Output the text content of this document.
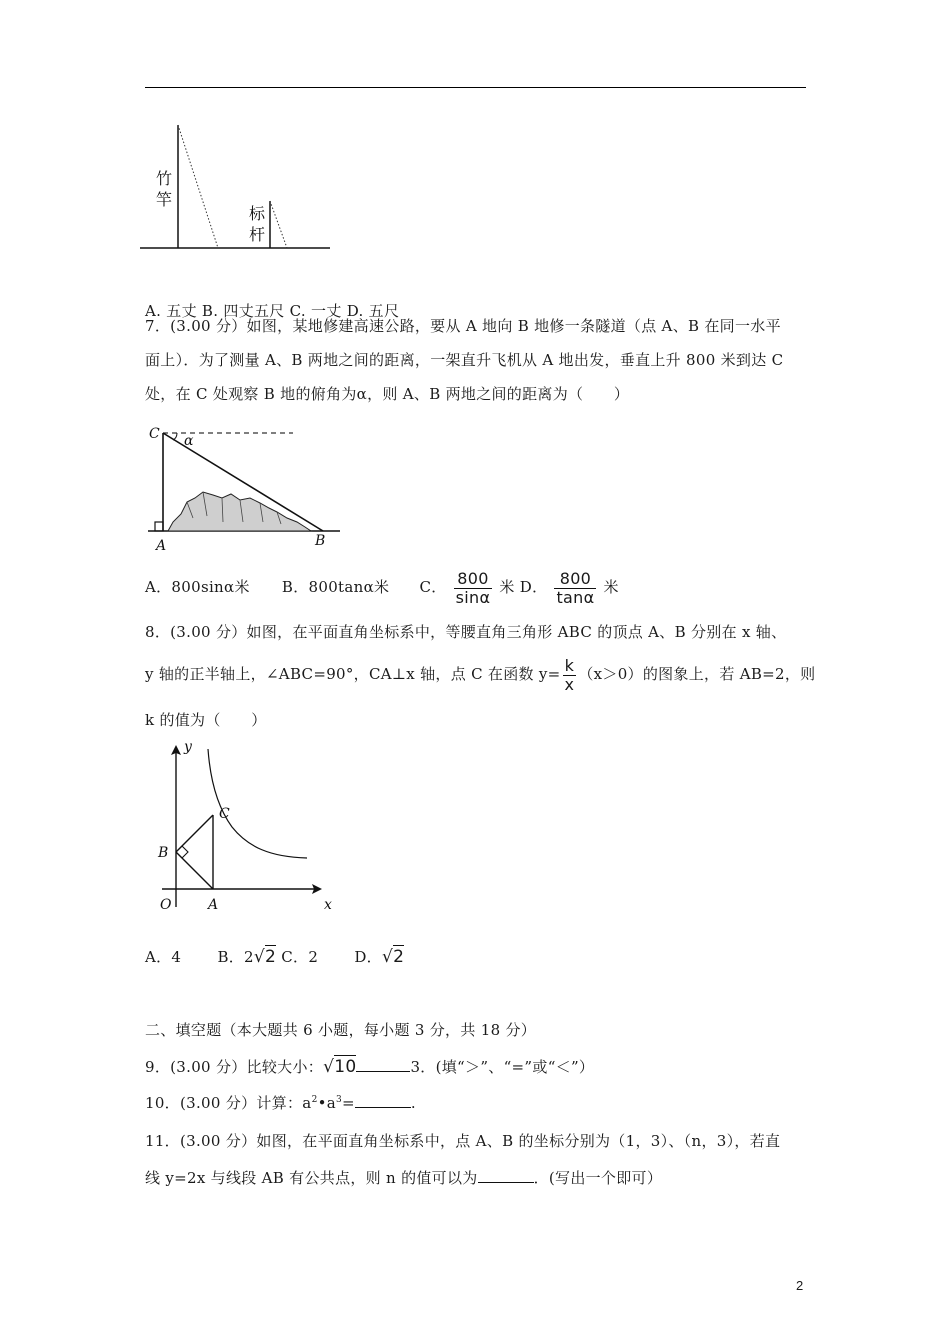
竹
竿
标
杆
A. 五丈 B. 四丈五尺 C. 一丈 D. 五尺
7．(3.00 分）如图，某地修建高速公路，要从 A 地向 B 地修一条隧道（点 A、B 在同一水平
面上）．为了测量 A、B 两地之间的距离，一架直升飞机从 A 地出发，垂直上升 800 米到达 C
处，在 C 处观察 B 地的俯角为α，则 A、B 两地之间的距离为（　　）
C α
A	B
A．800sinα米 B．800tanα米 C． $\frac{800}{\sin\alpha}$ 米 D． $\frac{800}{\tan\alpha}$ 米
8．(3.00 分）如图，在平面直角坐标系中，等腰直角三角形 ABC 的顶点 A、B 分别在 x 轴、
y 轴的正半轴上，∠ABC=90°，CA⊥x 轴，点 C 在函数 $y= \frac{k}{x} (x>0)$的图象上，若 AB=2，则
k 的值为（　　）
y
x
O	A
B
C
A．4 B．2√2 C．2 D．√2
二、填空题（本大题共 6 小题，每小题 3 分，共 18 分）
9．(3.00 分）比较大小：√10	3．(填“＞”、“=”或“＜”）
10．(3.00 分）计算：$a^2•a^3=$	.
11．(3.00 分）如图，在平面直角坐标系中，点 A、B 的坐标分别为（1，3）、（n，3），若直
线 y=2x 与线段 AB 有公共点，则 n 的值可以为	．(写出一个即可）
2
